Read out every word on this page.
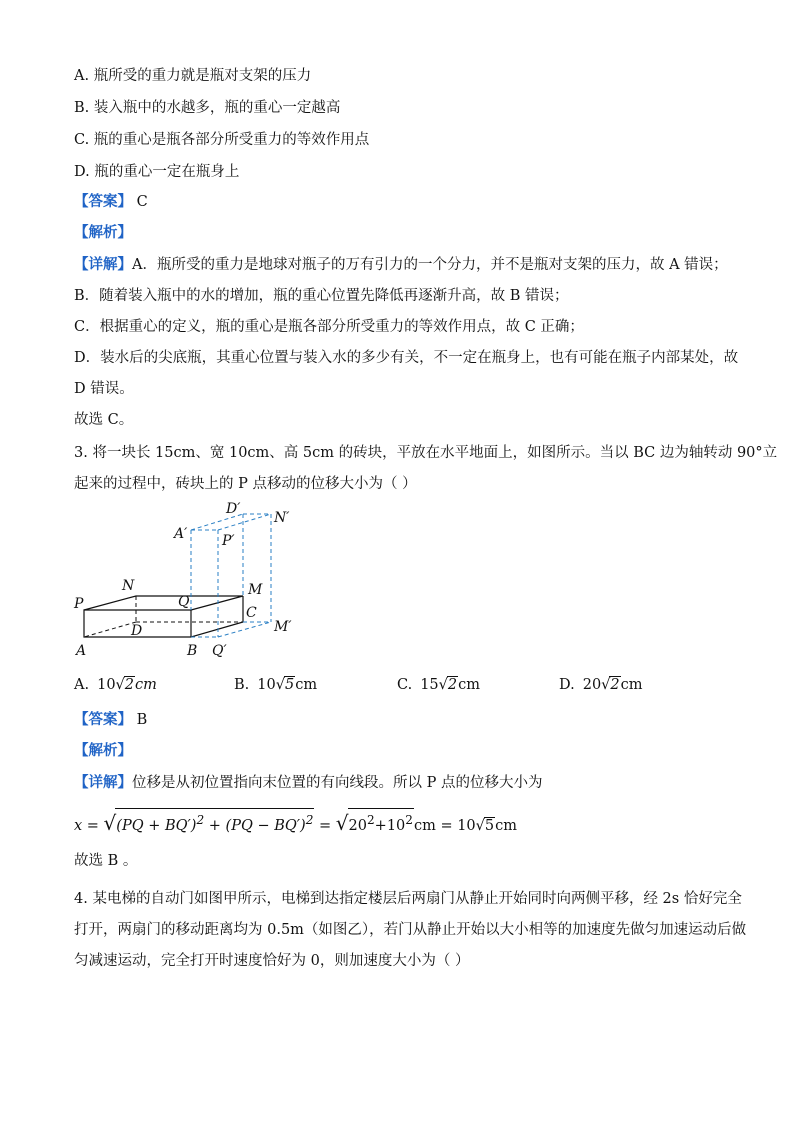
A. 瓶所受的重力就是瓶对支架的压力
B. 装入瓶中的水越多，瓶的重心一定越高
C. 瓶的重心是瓶各部分所受重力的等效作用点
D. 瓶的重心一定在瓶身上
【答案】 C
【解析】
【详解】A．瓶所受的重力是地球对瓶子的万有引力的一个分力，并不是瓶对支架的压力，故 A 错误；
B．随着装入瓶中的水的增加，瓶的重心位置先降低再逐渐升高，故 B 错误；
C．根据重心的定义，瓶的重心是瓶各部分所受重力的等效作用点，故 C 正确；
D．装水后的尖底瓶，其重心位置与装入水的多少有关，不一定在瓶身上，也有可能在瓶子内部某处，故
D 错误。
故选 C。
3. 将一块长 15cm、宽 10cm、高 5cm 的砖块，平放在水平地面上，如图所示。当以 BC 边为轴转动 90°立
起来的过程中，砖块上的 P 点移动的位移大小为（ ）
P
N
Q
M
C
D
A	B Q′
M′
A′
D′
N′
P′
A. 10√2cm	B. 10√5cm	C. 15√2cm	D. 20√2cm
【答案】 B
【解析】
【详解】位移是从初位置指向末位置的有向线段。所以 P 点的位移大小为
$x = √(PQ + BQ')^2 + (PQ - BQ')^2 = √20^2+10^2cm = 10√5cm$
故选 B 。
4. 某电梯的自动门如图甲所示，电梯到达指定楼层后两扇门从静止开始同时向两侧平移，经 2s 恰好完全
打开，两扇门的移动距离均为 0.5m（如图乙），若门从静止开始以大小相等的加速度先做匀加速运动后做
匀减速运动，完全打开时速度恰好为 0，则加速度大小为（ ）
